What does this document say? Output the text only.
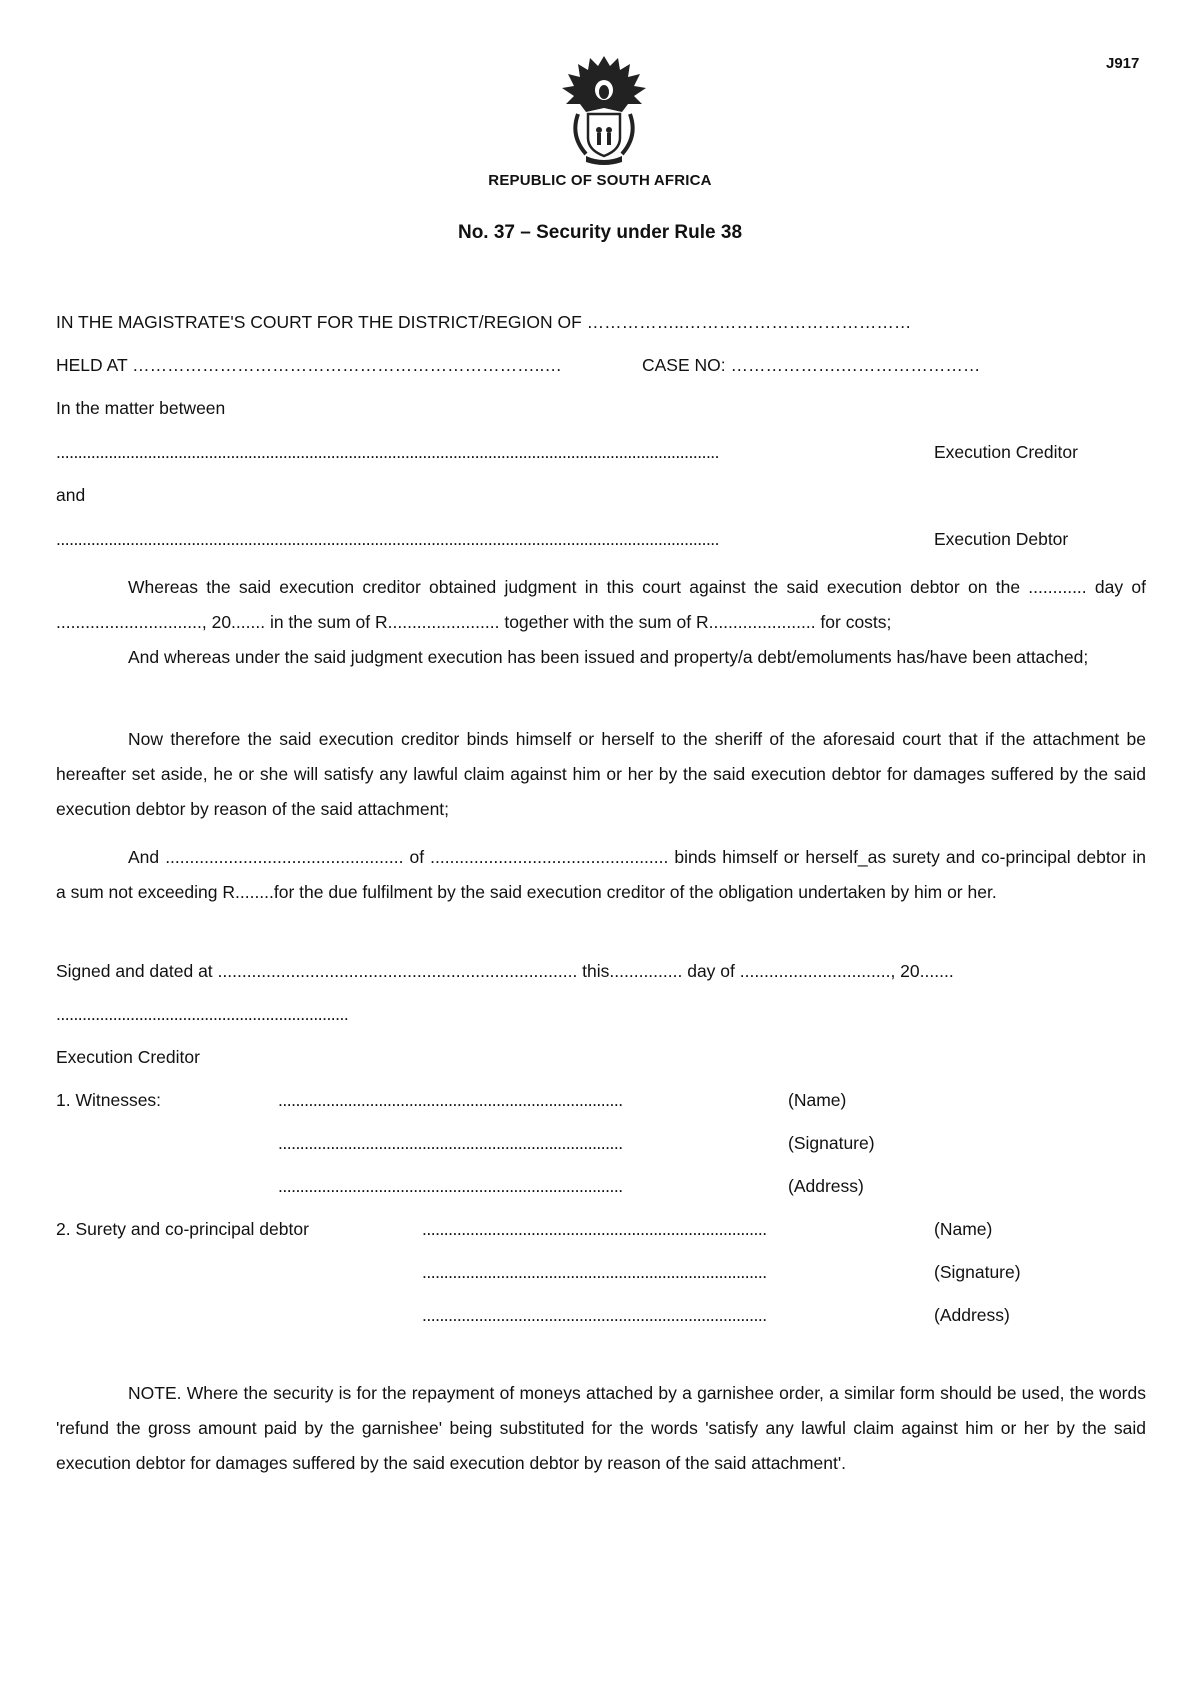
J917
REPUBLIC OF SOUTH AFRICA
No. 37 – Security under Rule 38
IN THE MAGISTRATE'S COURT FOR THE DISTRICT/REGION OF ……………..…………………………………
HELD AT ……………………………………………………………..…	CASE NO: ……………….……………………
In the matter between
........................................................................................................................................................	Execution Creditor
and
........................................................................................................................................................	Execution Debtor

Whereas the said execution creditor obtained judgment in this court against the said execution debtor on the ............ day of .............................., 20....... in the sum of R....................... together with the sum of R...................... for costs;

And whereas under the said judgment execution has been issued and property/a debt/emoluments has/have been attached;

Now therefore the said execution creditor binds himself or herself to the sheriff of the aforesaid court that if the attachment be hereafter set aside, he or she will satisfy any lawful claim against him or her by the said execution debtor for damages suffered by the said execution debtor by reason of the said attachment;

And ................................................. of ................................................. binds himself or herself_as surety and co-principal debtor in a sum not exceeding R........for the due fulfilment by the said execution creditor of the obligation undertaken by him or her.

Signed and dated at .......................................................................... this............... day of ..............................., 20.......
...................................................................
Execution Creditor
1. Witnesses:	...............................................................................	(Name)
...............................................................................	(Signature)
...............................................................................	(Address)
2. Surety and co-principal debtor	...............................................................................	(Name)
...............................................................................	(Signature)
...............................................................................	(Address)

NOTE. Where the security is for the repayment of moneys attached by a garnishee order, a similar form should be used, the words 'refund the gross amount paid by the garnishee' being substituted for the words 'satisfy any lawful claim against him or her by the said execution debtor for damages suffered by the said execution debtor by reason of the said attachment'.
